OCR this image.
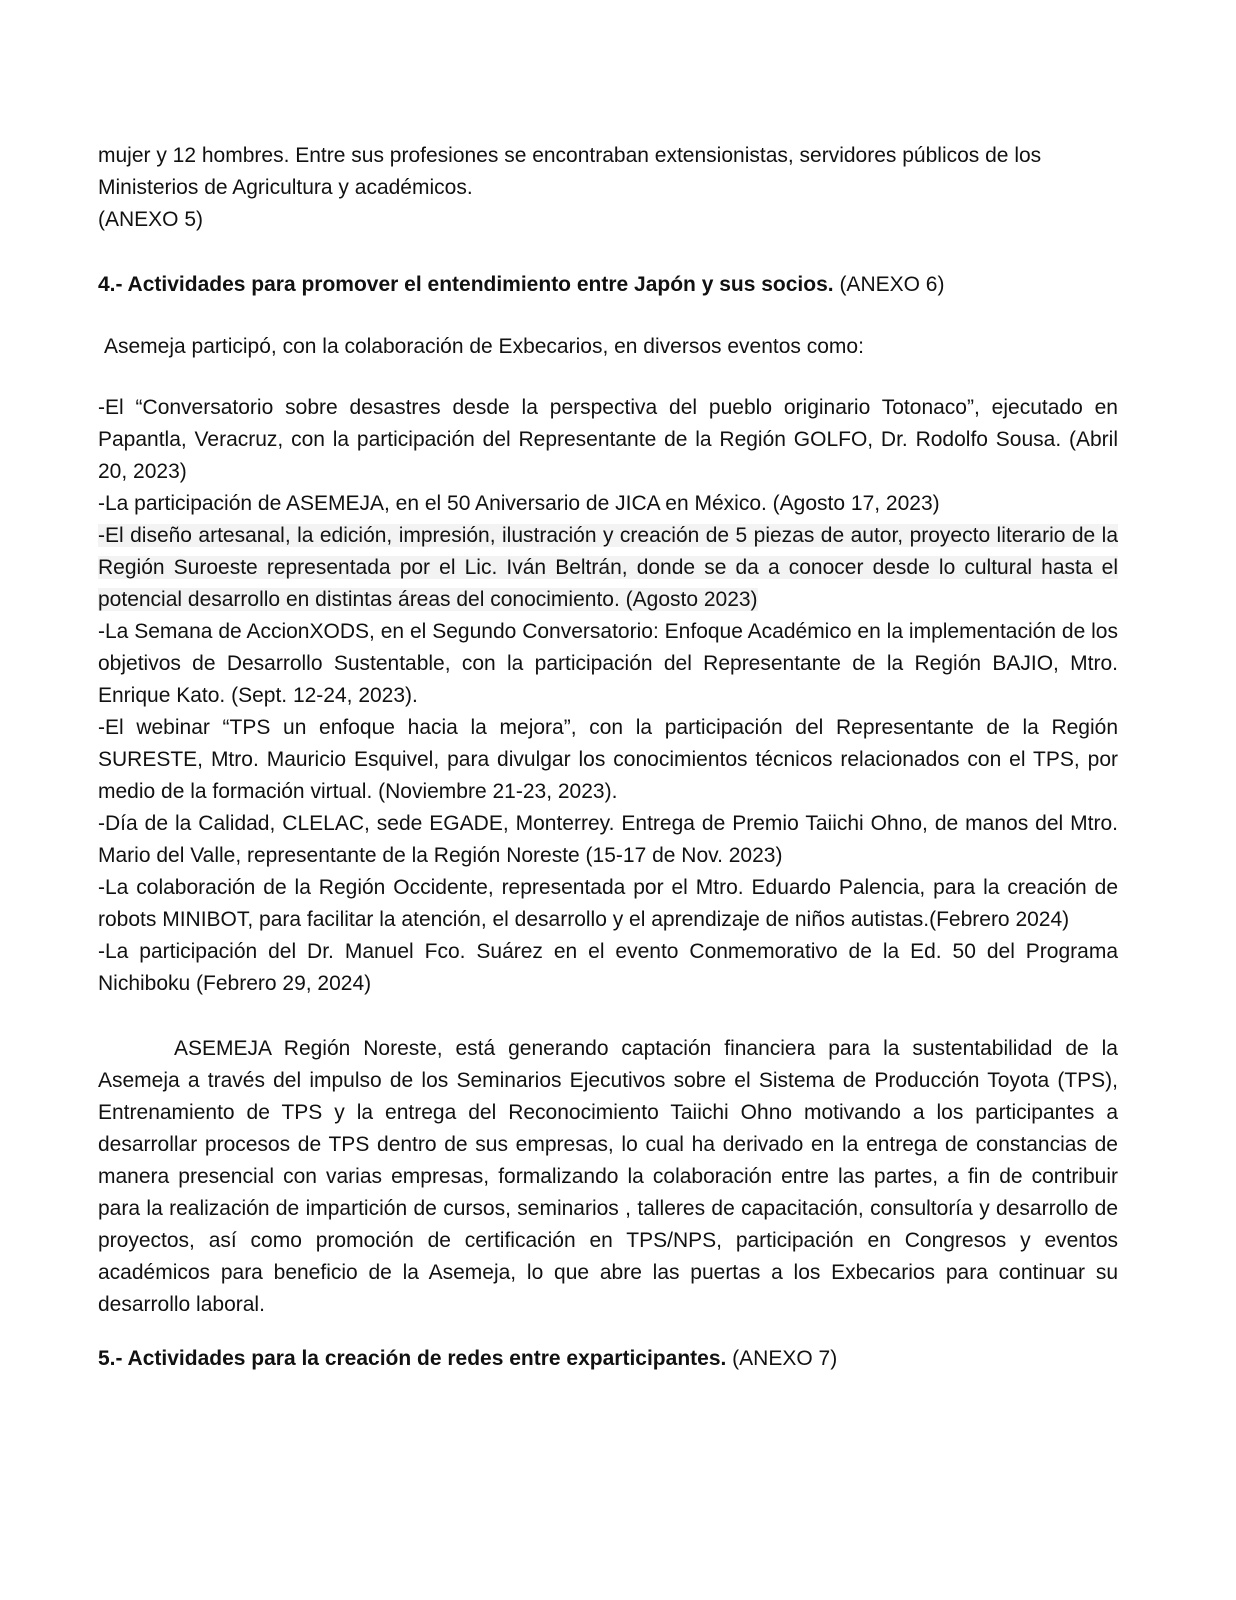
mujer y 12 hombres. Entre sus profesiones se encontraban extensionistas, servidores públicos de los Ministerios de Agricultura y académicos.

(ANEXO 5)

4.- Actividades para promover el entendimiento entre Japón y sus socios. (ANEXO 6)

Asemeja participó, con la colaboración de Exbecarios, en diversos eventos como:

-El “Conversatorio sobre desastres desde la perspectiva del pueblo originario Totonaco”, ejecutado en Papantla, Veracruz, con la participación del Representante de la Región GOLFO, Dr. Rodolfo Sousa. (Abril 20, 2023)

-La participación de ASEMEJA, en el 50 Aniversario de JICA en México. (Agosto 17, 2023)

-El diseño artesanal, la edición, impresión, ilustración y creación de 5 piezas de autor, proyecto literario de la Región Suroeste representada por el Lic. Iván Beltrán, donde se da a conocer desde lo cultural hasta el potencial desarrollo en distintas áreas del conocimiento. (Agosto 2023)

-La Semana de AccionXODS, en el Segundo Conversatorio: Enfoque Académico en la implementación de los objetivos de Desarrollo Sustentable, con la participación del Representante de la Región BAJIO, Mtro. Enrique Kato. (Sept. 12-24, 2023).

-El webinar “TPS un enfoque hacia la mejora”, con la participación del Representante de la Región SURESTE, Mtro. Mauricio Esquivel, para divulgar los conocimientos técnicos relacionados con el TPS, por medio de la formación virtual. (Noviembre 21-23, 2023).

-Día de la Calidad, CLELAC, sede EGADE, Monterrey. Entrega de Premio Taiichi Ohno, de manos del Mtro. Mario del Valle, representante de la Región Noreste (15-17 de Nov. 2023)

-La colaboración de la Región Occidente, representada por el Mtro. Eduardo Palencia, para la creación de robots MINIBOT, para facilitar la atención, el desarrollo y el aprendizaje de niños autistas.(Febrero 2024)

-La participación del Dr. Manuel Fco. Suárez en el evento Conmemorativo de la Ed. 50 del Programa Nichiboku (Febrero 29, 2024)

ASEMEJA Región Noreste, está generando captación financiera para la sustentabilidad de la Asemeja a través del impulso de los Seminarios Ejecutivos sobre el Sistema de Producción Toyota (TPS), Entrenamiento de TPS y la entrega del Reconocimiento Taiichi Ohno motivando a los participantes a desarrollar procesos de TPS dentro de sus empresas, lo cual ha derivado en la entrega de constancias de manera presencial con varias empresas, formalizando la colaboración entre las partes, a fin de contribuir para la realización de impartición de cursos, seminarios , talleres de capacitación, consultoría y desarrollo de proyectos, así como promoción de certificación en TPS/NPS, participación en Congresos y eventos académicos para beneficio de la Asemeja, lo que abre las puertas a los Exbecarios para continuar su desarrollo laboral.

5.- Actividades para la creación de redes entre exparticipantes. (ANEXO 7)
